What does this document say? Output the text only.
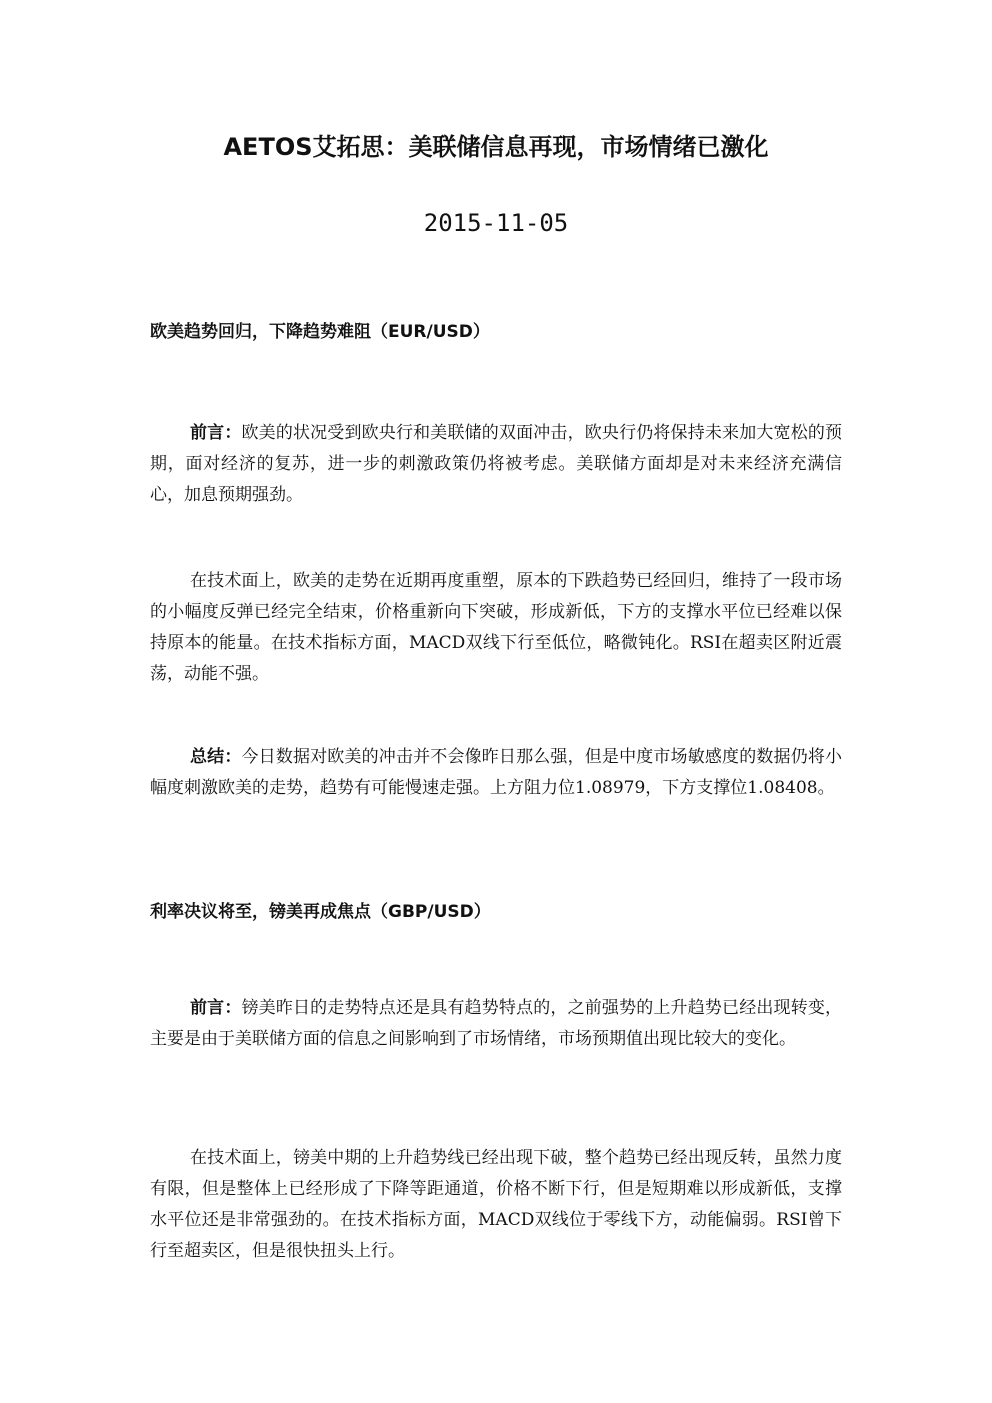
AETOS艾拓思：美联储信息再现，市场情绪已激化
2015-11-05
欧美趋势回归，下降趋势难阻（EUR/USD）

前言：欧美的状况受到欧央行和美联储的双面冲击，欧央行仍将保持未来加大宽松的预期，面对经济的复苏，进一步的刺激政策仍将被考虑。美联储方面却是对未来经济充满信心，加息预期强劲。

在技术面上，欧美的走势在近期再度重塑，原本的下跌趋势已经回归，维持了一段市场的小幅度反弹已经完全结束，价格重新向下突破，形成新低，下方的支撑水平位已经难以保持原本的能量。在技术指标方面，MACD双线下行至低位，略微钝化。RSI在超卖区附近震荡，动能不强。

总结：今日数据对欧美的冲击并不会像昨日那么强，但是中度市场敏感度的数据仍将小幅度刺激欧美的走势，趋势有可能慢速走强。上方阻力位1.08979，下方支撑位1.08408。

利率决议将至，镑美再成焦点（GBP/USD）

前言：镑美昨日的走势特点还是具有趋势特点的，之前强势的上升趋势已经出现转变，主要是由于美联储方面的信息之间影响到了市场情绪，市场预期值出现比较大的变化。

在技术面上，镑美中期的上升趋势线已经出现下破，整个趋势已经出现反转，虽然力度有限，但是整体上已经形成了下降等距通道，价格不断下行，但是短期难以形成新低，支撑水平位还是非常强劲的。在技术指标方面，MACD双线位于零线下方，动能偏弱。RSI曾下行至超卖区，但是很快扭头上行。
